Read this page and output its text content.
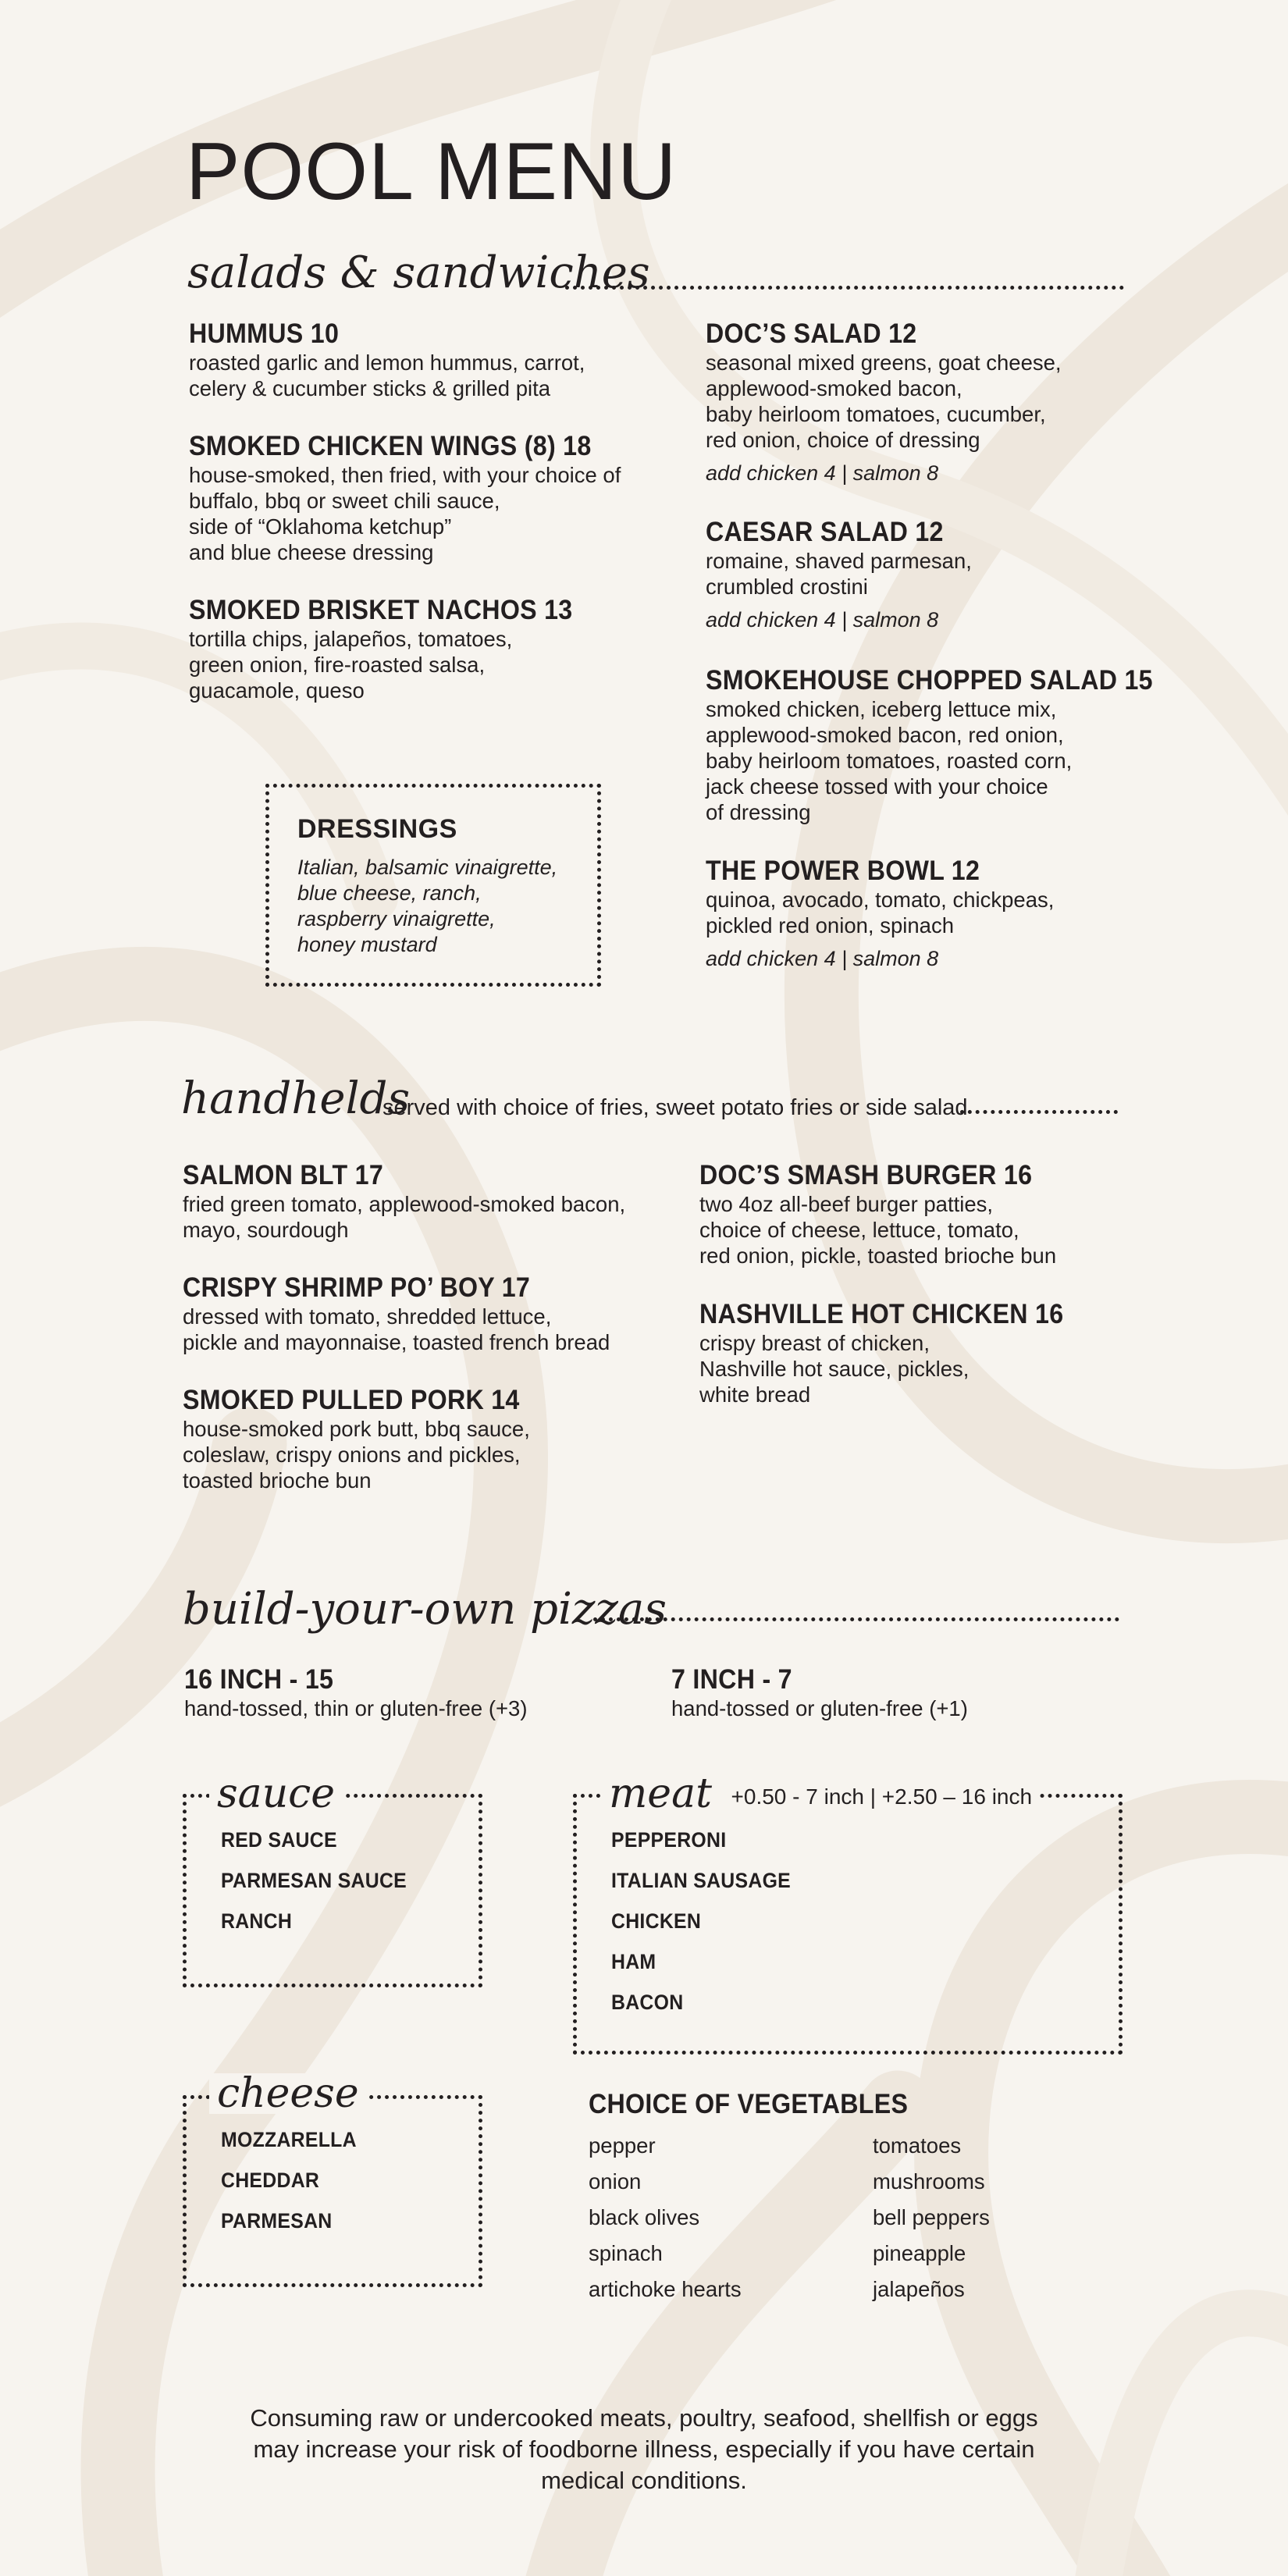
POOL MENU
salads & sandwiches
HUMMUS 10
roasted garlic and lemon hummus, carrot,
celery & cucumber sticks & grilled pita
SMOKED CHICKEN WINGS (8) 18
house-smoked, then fried, with your choice of
buffalo, bbq or sweet chili sauce,
side of “Oklahoma ketchup”
and blue cheese dressing
SMOKED BRISKET NACHOS 13
tortilla chips, jalapeños, tomatoes,
green onion, fire-roasted salsa,
guacamole, queso
DOC’S SALAD 12
seasonal mixed greens, goat cheese,
applewood-smoked bacon,
baby heirloom tomatoes, cucumber,
red onion, choice of dressing
add chicken 4 | salmon 8
CAESAR SALAD 12
romaine, shaved parmesan,
crumbled crostini
add chicken 4 | salmon 8
SMOKEHOUSE CHOPPED SALAD 15
smoked chicken, iceberg lettuce mix,
applewood-smoked bacon, red onion,
baby heirloom tomatoes, roasted corn,
jack cheese tossed with your choice
of dressing
THE POWER BOWL 12
quinoa, avocado, tomato, chickpeas,
pickled red onion, spinach
add chicken 4 | salmon 8
DRESSINGS
Italian, balsamic vinaigrette,
blue cheese, ranch,
raspberry vinaigrette,
honey mustard
handhelds
served with choice of fries, sweet potato fries or side salad
SALMON BLT 17
fried green tomato, applewood-smoked bacon,
mayo, sourdough
CRISPY SHRIMP PO’ BOY 17
dressed with tomato, shredded lettuce,
pickle and mayonnaise, toasted french bread
SMOKED PULLED PORK 14
house-smoked pork butt, bbq sauce,
coleslaw, crispy onions and pickles,
toasted brioche bun
DOC’S SMASH BURGER 16
two 4oz all-beef burger patties,
choice of cheese, lettuce, tomato,
red onion, pickle, toasted brioche bun
NASHVILLE HOT CHICKEN 16
crispy breast of chicken,
Nashville hot sauce, pickles,
white bread
build-your-own pizzas
16 INCH - 15
hand-tossed, thin or gluten-free (+3)
7 INCH - 7
hand-tossed or gluten-free (+1)
RED SAUCE
PARMESAN SAUCE
RANCH
sauce
PEPPERONI
ITALIAN SAUSAGE
CHICKEN
HAM
BACON
meat +0.50 - 7 inch | +2.50 – 16 inch
MOZZARELLA
CHEDDAR
PARMESAN
cheese	CHOICE OF VEGETABLES
pepper
onion
black olives
spinach
artichoke hearts
tomatoes
mushrooms
bell peppers
pineapple
jalapeños
Consuming raw or undercooked meats, poultry, seafood, shellfish or eggs
may increase your risk of foodborne illness, especially if you have certain
medical conditions.
